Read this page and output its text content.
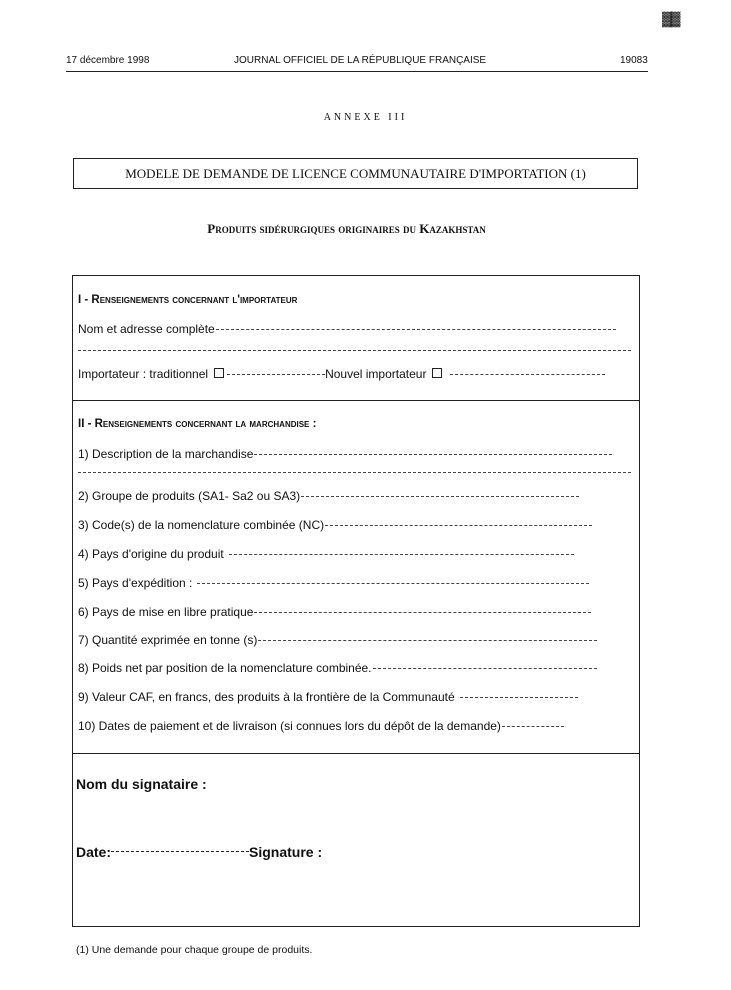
▓▓
17 décembre 1998	JOURNAL OFFICIEL DE LA RÉPUBLIQUE FRANÇAISE	19083
ANNEXE III
MODELE DE DEMANDE DE LICENCE COMMUNAUTAIRE D'IMPORTATION (1)
Produits sidérurgiques originaires du Kazakhstan
I - Renseignements concernant l'importateur
Nom et adresse complète
Importateur : traditionnel	Nouvel importateur
II - Renseignements concernant la marchandise :
1) Description de la marchandise
2) Groupe de produits (SA1- Sa2 ou SA3)
3) Code(s) de la nomenclature combinée (NC)
4) Pays d'origine du produit
5) Pays d'expédition :
6) Pays de mise en libre pratique
7) Quantité exprimée en tonne (s)
8) Poids net par position de la nomenclature combinée.
9) Valeur CAF, en francs, des produits à la frontière de la Communauté
10) Dates de paiement et de livraison (si connues lors du dépôt de la demande)
Nom du signataire :
Date:	Signature :
(1) Une demande pour chaque groupe de produits.
